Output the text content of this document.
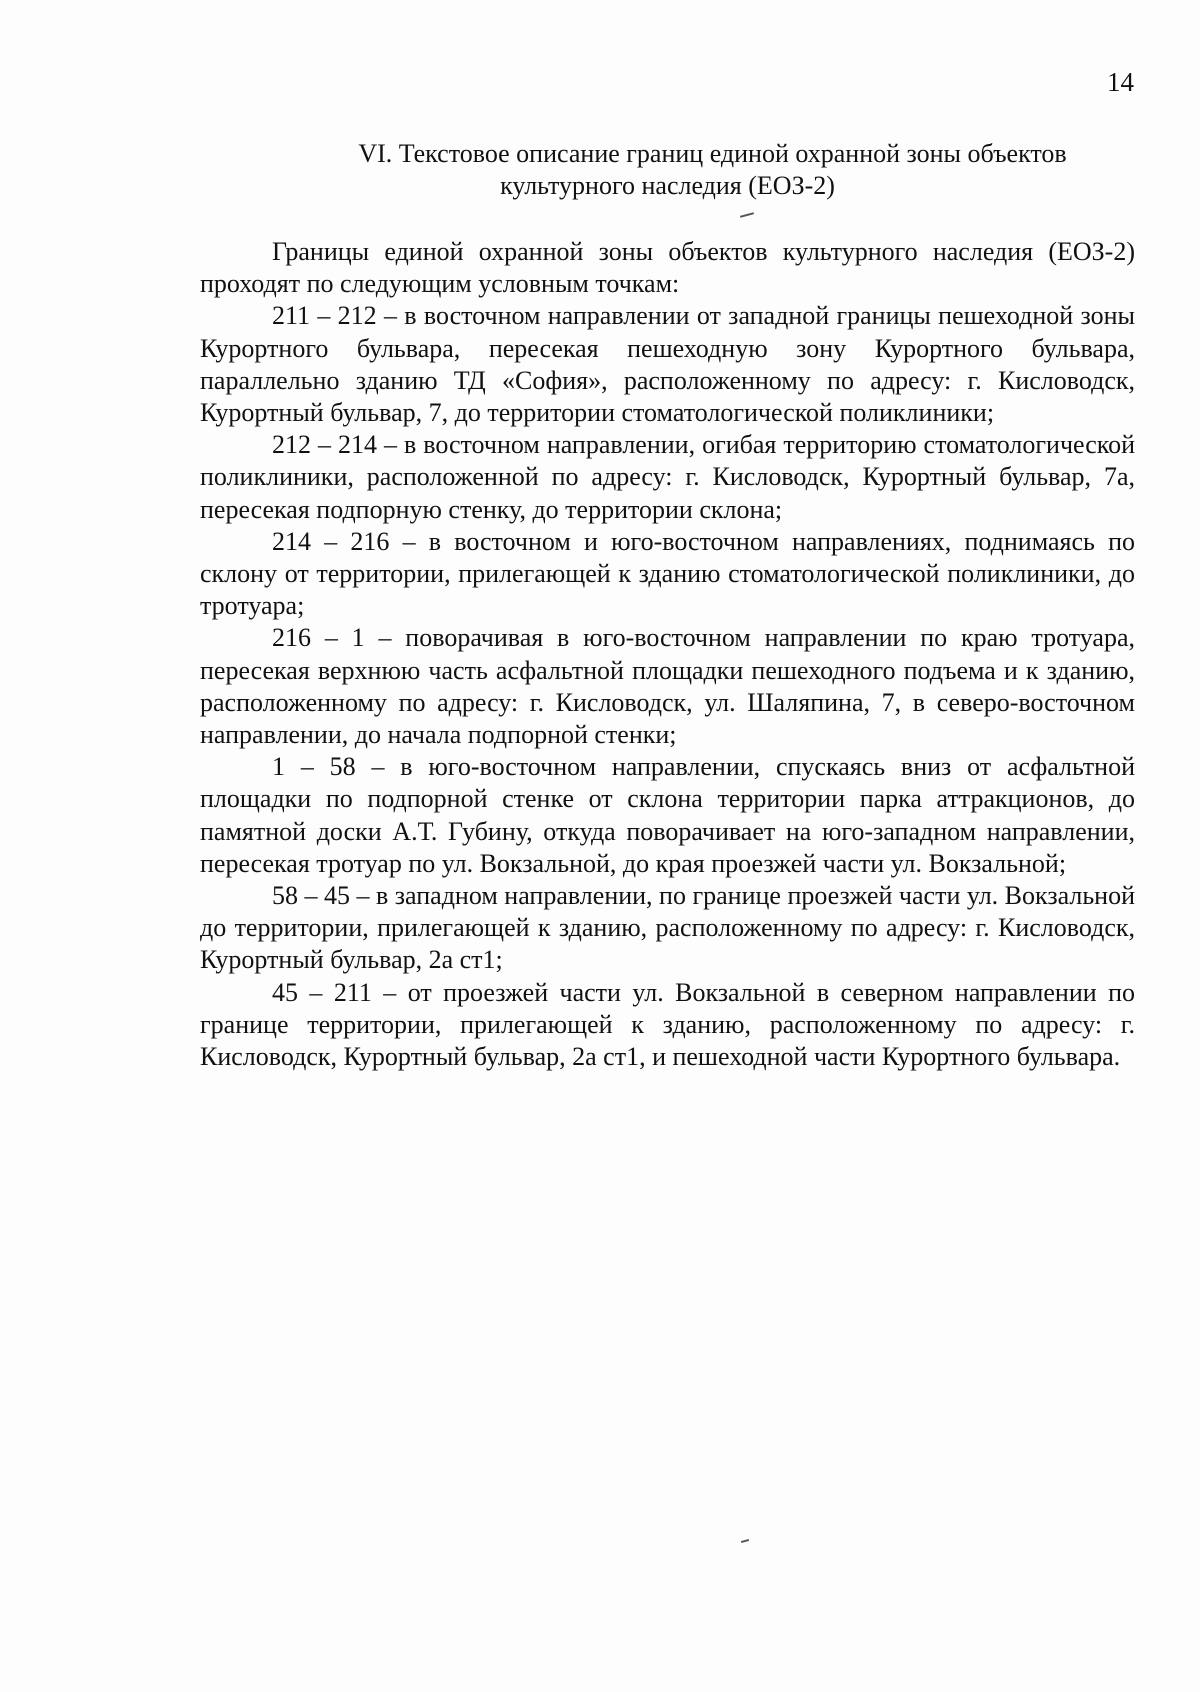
14
VI. Текстовое описание границ единой охранной зоны объектов
культурного наследия (ЕОЗ-2)

Границы единой охранной зоны объектов культурного наследия (ЕОЗ-2) проходят по следующим условным точкам:

211 – 212 – в восточном направлении от западной границы пешеходной зоны Курортного бульвара, пересекая пешеходную зону Курортного бульвара, параллельно зданию ТД «София», расположенному по адресу: г. Кисловодск, Курортный бульвар, 7, до территории стоматологической поликлиники;

212 – 214 – в восточном направлении, огибая территорию стоматологической поликлиники, расположенной по адресу: г. Кисловодск, Курортный бульвар, 7а, пересекая подпорную стенку, до территории склона;

214 – 216 – в восточном и юго-восточном направлениях, поднимаясь по склону от территории, прилегающей к зданию стоматологической поликлиники, до тротуара;

216 – 1 – поворачивая в юго-восточном направлении по краю тротуара, пересекая верхнюю часть асфальтной площадки пешеходного подъема и к зданию, расположенному по адресу: г. Кисловодск, ул. Шаляпина, 7, в северо-восточном направлении, до начала подпорной стенки;

1 – 58 – в юго-восточном направлении, спускаясь вниз от асфальтной площадки по подпорной стенке от склона территории парка аттракционов, до памятной доски А.Т. Губину, откуда поворачивает на юго-западном направлении, пересекая тротуар по ул. Вокзальной, до края проезжей части ул. Вокзальной;

58 – 45 – в западном направлении, по границе проезжей части ул. Вокзальной до территории, прилегающей к зданию, расположенному по адресу: г. Кисловодск, Курортный бульвар, 2а ст1;

45 – 211 – от проезжей части ул. Вокзальной в северном направлении по границе территории, прилегающей к зданию, расположенному по адресу: г. Кисловодск, Курортный бульвар, 2а ст1, и пешеходной части Курортного бульвара.
